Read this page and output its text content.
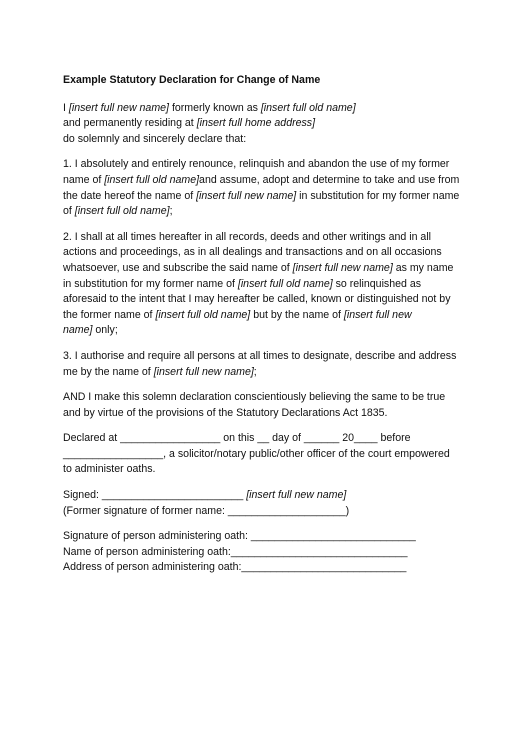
Example Statutory Declaration for Change of Name

I [insert full new name] formerly known as [insert full old name]
and permanently residing at [insert full home address]
do solemnly and sincerely declare that:

1. I absolutely and entirely renounce, relinquish and abandon the use of my former
name of [insert full old name]and assume, adopt and determine to take and use from
the date hereof the name of [insert full new name] in substitution for my former name
of [insert full old name];

2. I shall at all times hereafter in all records, deeds and other writings and in all
actions and proceedings, as in all dealings and transactions and on all occasions
whatsoever, use and subscribe the said name of [insert full new name] as my name
in substitution for my former name of [insert full old name] so relinquished as
aforesaid to the intent that I may hereafter be called, known or distinguished not by
the former name of [insert full old name] but by the name of [insert full new
name] only;

3. I authorise and require all persons at all times to designate, describe and address
me by the name of [insert full new name];

AND I make this solemn declaration conscientiously believing the same to be true
and by virtue of the provisions of the Statutory Declarations Act 1835.

Declared at _________________ on this __ day of ______ 20____ before
_________________, a solicitor/notary public/other officer of the court empowered
to administer oaths.

Signed: ________________________ [insert full new name]
(Former signature of former name: ____________________)

Signature of person administering oath: ____________________________
Name of person administering oath:______________________________
Address of person administering oath:____________________________
